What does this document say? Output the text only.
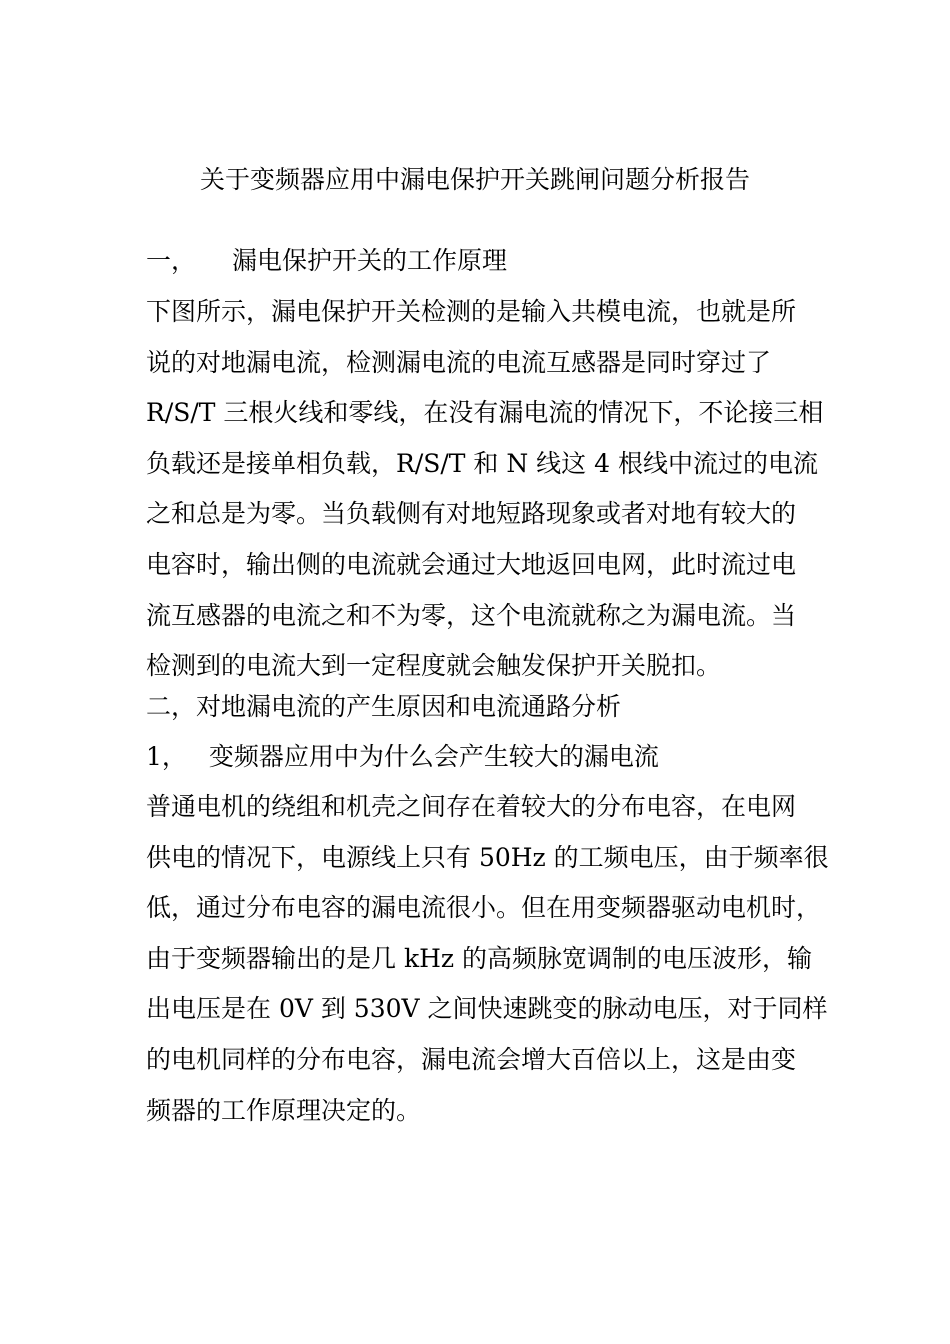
关于变频器应用中漏电保护开关跳闸问题分析报告
一， 漏电保护开关的工作原理
下图所示，漏电保护开关检测的是输入共模电流，也就是所
说的对地漏电流，检测漏电流的电流互感器是同时穿过了
R/S/T 三根火线和零线，在没有漏电流的情况下，不论接三相
负载还是接单相负载，R/S/T 和 N 线这 4 根线中流过的电流
之和总是为零。当负载侧有对地短路现象或者对地有较大的
电容时，输出侧的电流就会通过大地返回电网，此时流过电
流互感器的电流之和不为零，这个电流就称之为漏电流。当
检测到的电流大到一定程度就会触发保护开关脱扣。
二，对地漏电流的产生原因和电流通路分析
1， 变频器应用中为什么会产生较大的漏电流
普通电机的绕组和机壳之间存在着较大的分布电容，在电网
供电的情况下，电源线上只有 50Hz 的工频电压，由于频率很
低，通过分布电容的漏电流很小。但在用变频器驱动电机时，
由于变频器输出的是几 kHz 的高频脉宽调制的电压波形，输
出电压是在 0V 到 530V 之间快速跳变的脉动电压，对于同样
的电机同样的分布电容，漏电流会增大百倍以上，这是由变
频器的工作原理决定的。
